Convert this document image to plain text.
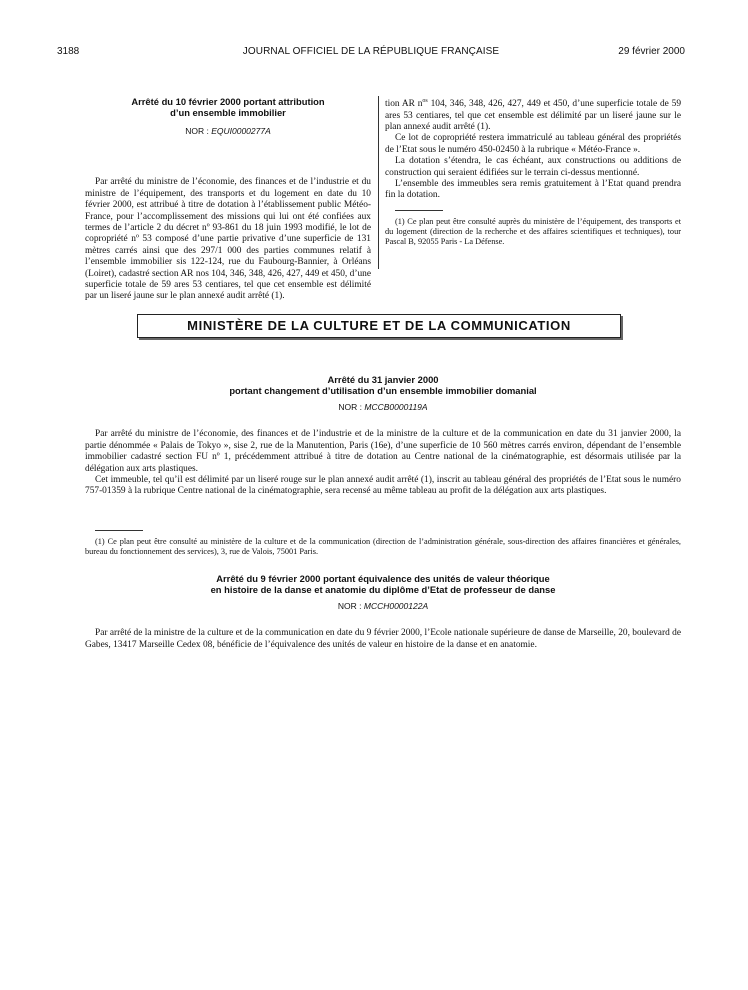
3188	JOURNAL OFFICIEL DE LA RÉPUBLIQUE FRANÇAISE	29 février 2000
Arrêté du 10 février 2000 portant attribution
d’un ensemble immobilier
NOR : EQUI0000277A

Par arrêté du ministre de l’économie, des finances et de l’industrie et du ministre de l’équipement, des transports et du logement en date du 10 février 2000, est attribué à titre de dotation à l’établissement public Météo-France, pour l’accomplissement des missions qui lui ont été confiées aux termes de l’article 2 du décret nº 93-861 du 18 juin 1993 modifié, le lot de copropriété nº 53 composé d’une partie privative d’une superficie de 131 mètres carrés ainsi que des 297/1 000 des parties communes relatif à l’ensemble immobilier sis 122-124, rue du Faubourg-Bannier, à Orléans (Loiret), cadastré section AR nos 104, 346, 348, 426, 427, 449 et 450, d’une superficie totale de 59 ares 53 centiares, tel que cet ensemble est délimité par un liseré jaune sur le plan annexé audit arrêté (1).

tion AR $n^{os}$ 104, 346, 348, 426, 427, 449 et 450, d’une superficie totale de 59 ares 53 centiares, tel que cet ensemble est délimité par un liseré jaune sur le plan annexé audit arrêté (1).

Ce lot de copropriété restera immatriculé au tableau général des propriétés de l’Etat sous le numéro 450-02450 à la rubrique « Météo-France ».

La dotation s’étendra, le cas échéant, aux constructions ou additions de construction qui seraient édifiées sur le terrain ci-dessus mentionné.

L’ensemble des immeubles sera remis gratuitement à l’Etat quand prendra fin la dotation.

(1) Ce plan peut être consulté auprès du ministère de l’équipement, des transports et du logement (direction de la recherche et des affaires scientifiques et techniques), tour Pascal B, 92055 Paris - La Défense.

MINISTÈRE DE LA CULTURE ET DE LA COMMUNICATION
Arrêté du 31 janvier 2000
portant changement d’utilisation d’un ensemble immobilier domanial
NOR : MCCB0000119A

Par arrêté du ministre de l’économie, des finances et de l’industrie et de la ministre de la culture et de la communication en date du 31 janvier 2000, la partie dénommée « Palais de Tokyo », sise 2, rue de la Manutention, Paris (16e), d’une superficie de 10 560 mètres carrés environ, dépendant de l’ensemble immobilier cadastré section FU nº 1, précédemment attribué à titre de dotation au Centre national de la cinématographie, est désormais utilisée par la délégation aux arts plastiques.

Cet immeuble, tel qu’il est délimité par un liseré rouge sur le plan annexé audit arrêté (1), inscrit au tableau général des propriétés de l’Etat sous le numéro 757-01359 à la rubrique Centre national de la cinématographie, sera recensé au même tableau au profit de la délégation aux arts plastiques.

(1) Ce plan peut être consulté au ministère de la culture et de la communication (direction de l’administration générale, sous-direction des affaires financières et générales, bureau du fonctionnement des services), 3, rue de Valois, 75001 Paris.

Arrêté du 9 février 2000 portant équivalence des unités de valeur théorique
en histoire de la danse et anatomie du diplôme d’Etat de professeur de danse
NOR : MCCH0000122A

Par arrêté de la ministre de la culture et de la communication en date du 9 février 2000, l’Ecole nationale supérieure de danse de Marseille, 20, boulevard de Gabes, 13417 Marseille Cedex 08, bénéficie de l’équivalence des unités de valeur en histoire de la danse et en anatomie.
